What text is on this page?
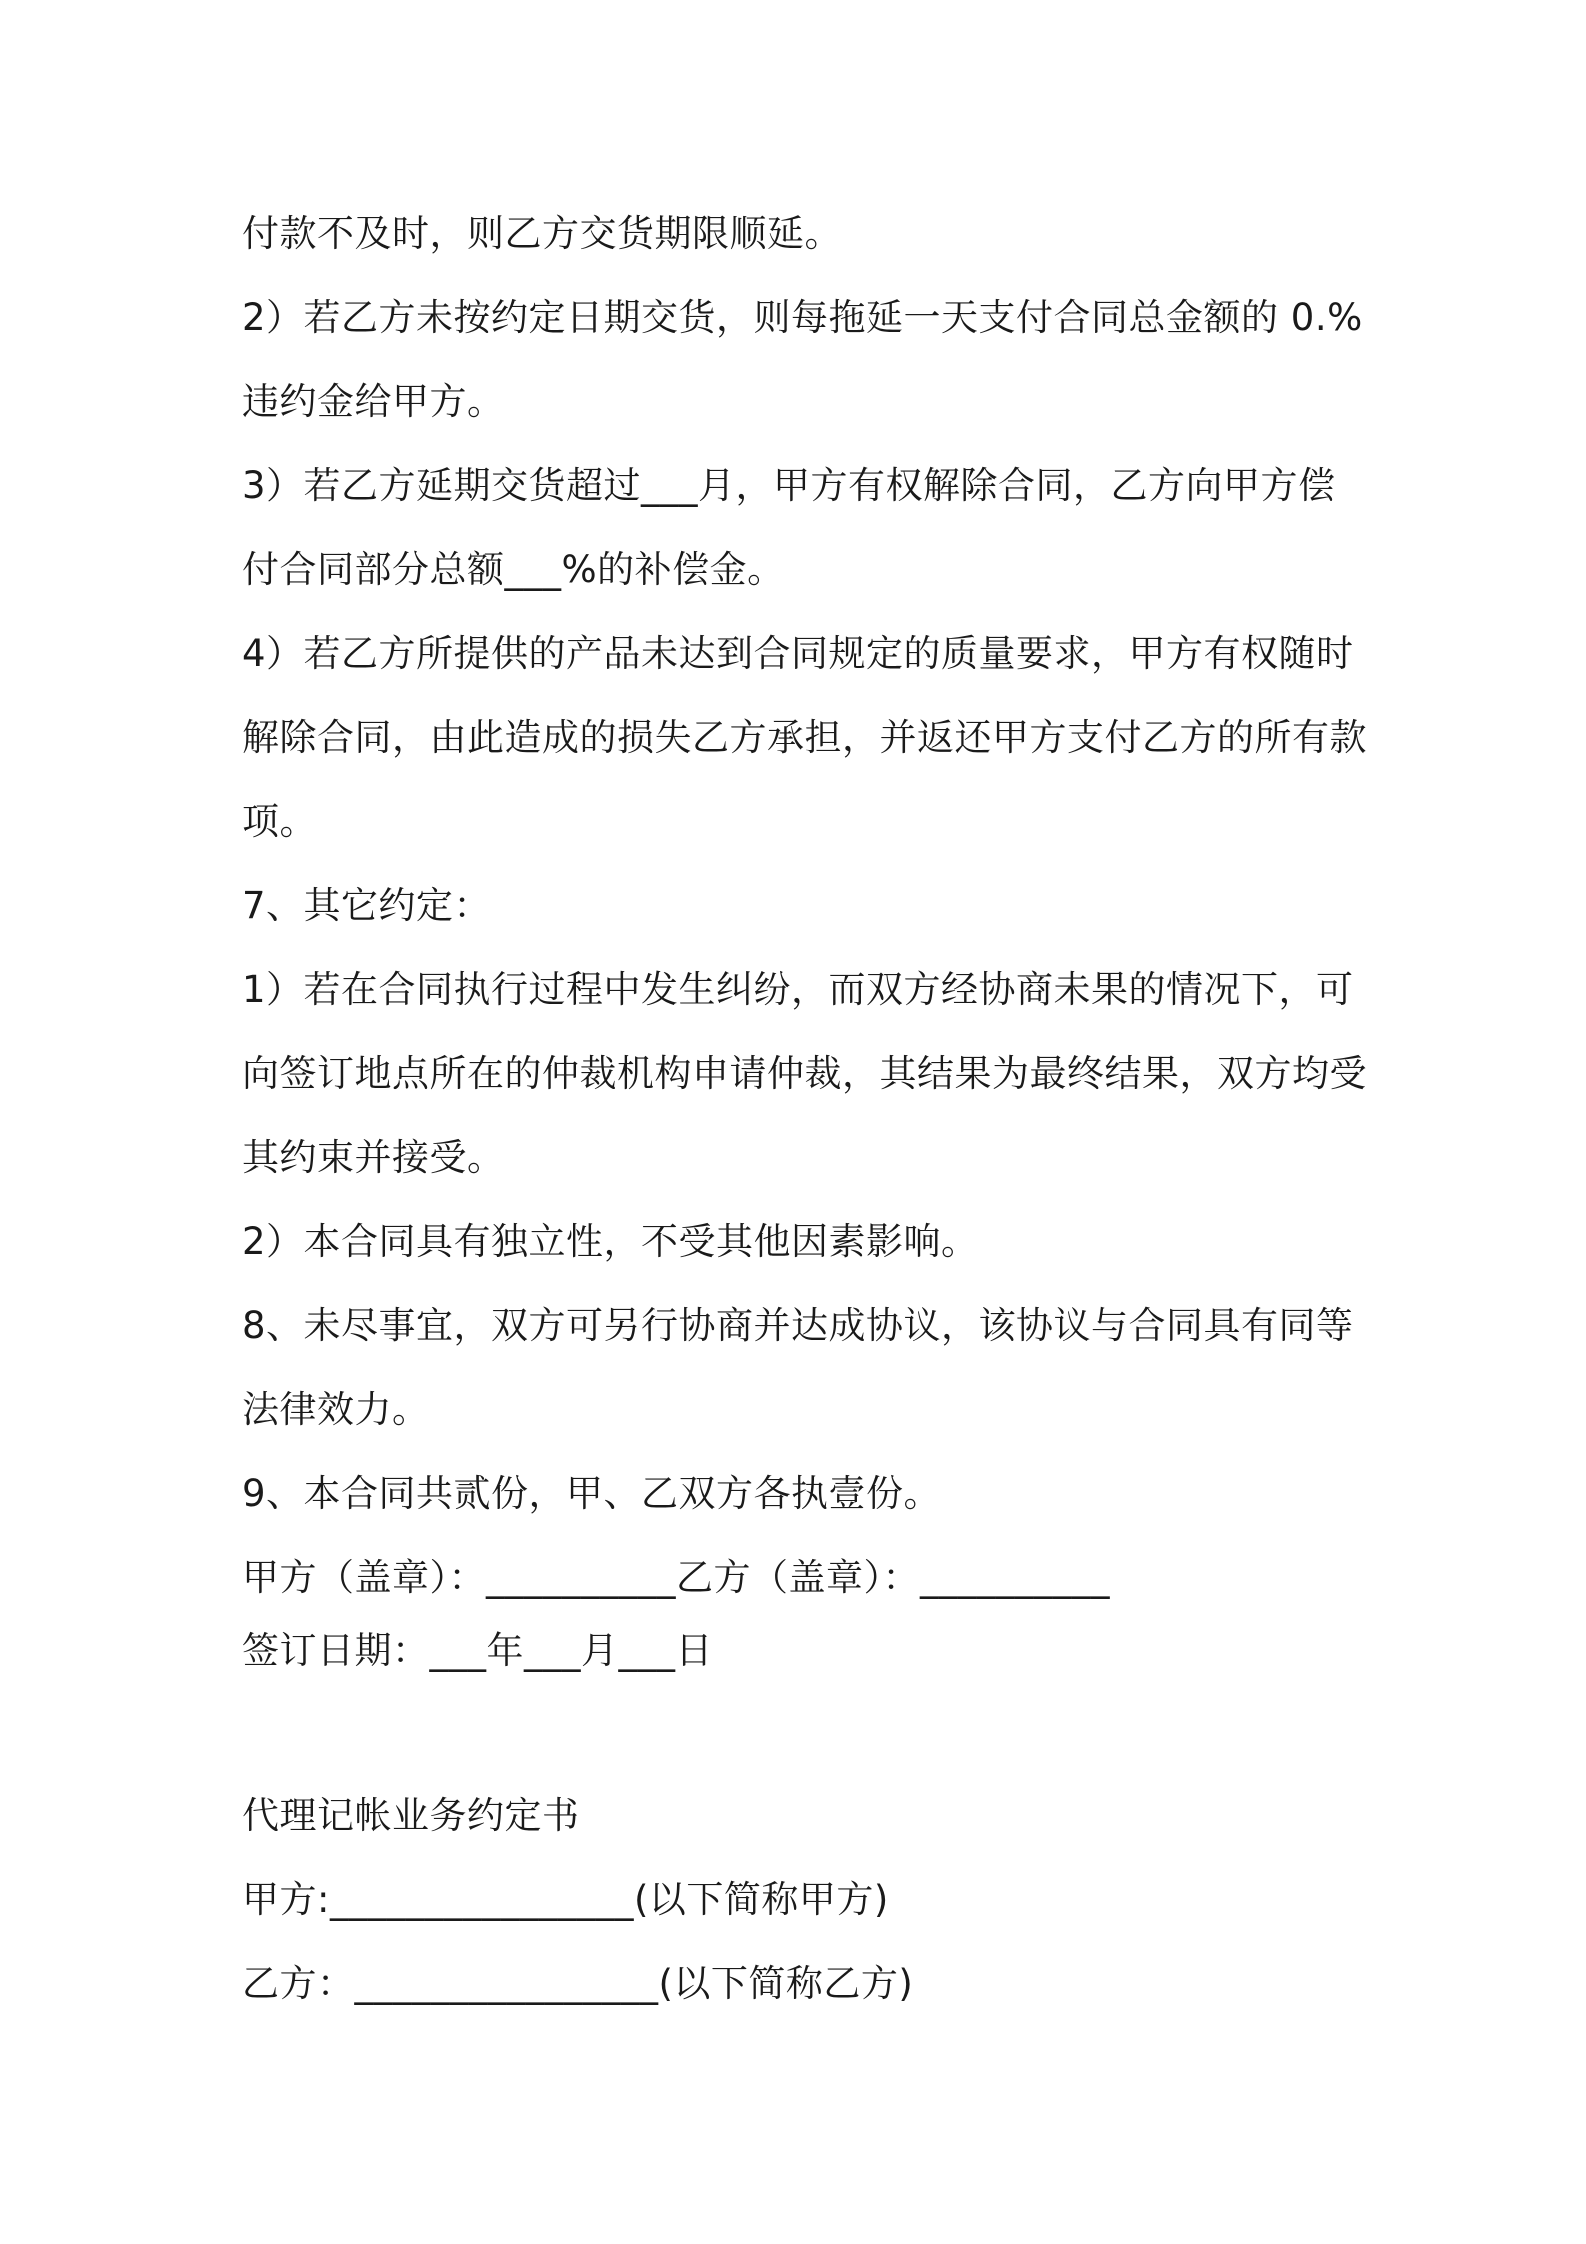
付款不及时，则乙方交货期限顺延。
2）若乙方未按约定日期交货，则每拖延一天支付合同总金额的 0.%
违约金给甲方。
3）若乙方延期交货超过___月，甲方有权解除合同，乙方向甲方偿
付合同部分总额___%的补偿金。
4）若乙方所提供的产品未达到合同规定的质量要求，甲方有权随时
解除合同，由此造成的损失乙方承担，并返还甲方支付乙方的所有款
项。
7、其它约定：
1）若在合同执行过程中发生纠纷，而双方经协商未果的情况下，可
向签订地点所在的仲裁机构申请仲裁，其结果为最终结果，双方均受
其约束并接受。
2）本合同具有独立性，不受其他因素影响。
8、未尽事宜，双方可另行协商并达成协议，该协议与合同具有同等
法律效力。
9、本合同共贰份，甲、乙双方各执壹份。
甲方（盖章）：__________乙方（盖章）：__________
签订日期：___年___月___日
代理记帐业务约定书
甲方:________________(以下简称甲方)
乙方：________________(以下简称乙方)
